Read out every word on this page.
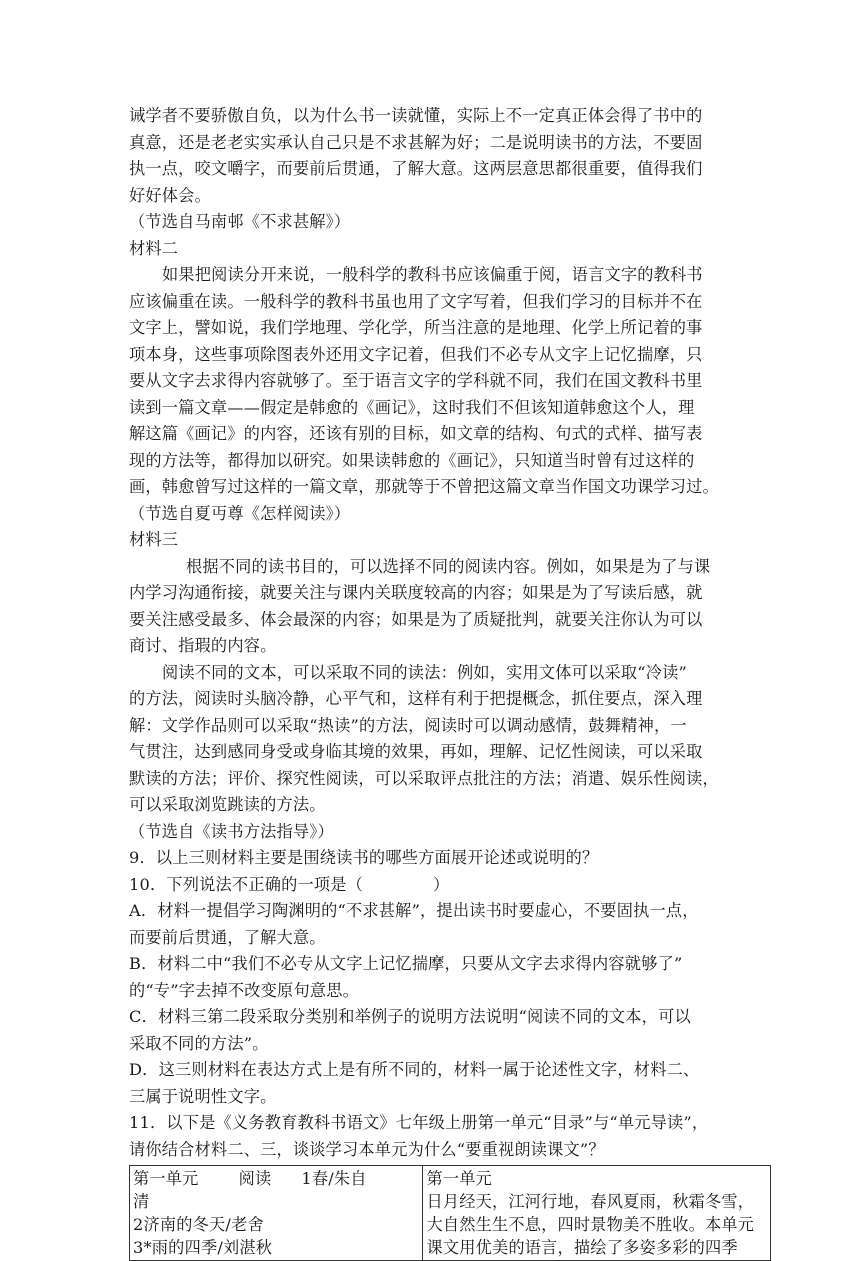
诫学者不要骄傲自负，以为什么书一读就懂，实际上不一定真正体会得了书中的
真意，还是老老实实承认自己只是不求甚解为好；二是说明读书的方法，不要固
执一点，咬文嚼字，而要前后贯通，了解大意。这两层意思都很重要，值得我们
好好体会。
（节选自马南邨《不求甚解》）
材料二
如果把阅读分开来说，一般科学的教科书应该偏重于阅，语言文字的教科书
应该偏重在读。一般科学的教科书虽也用了文字写着，但我们学习的目标并不在
文字上，譬如说，我们学地理、学化学，所当注意的是地理、化学上所记着的事
项本身，这些事项除图表外还用文字记着，但我们不必专从文字上记忆揣摩，只
要从文字去求得内容就够了。至于语言文字的学科就不同，我们在国文教科书里
读到一篇文章——假定是韩愈的《画记》，这时我们不但该知道韩愈这个人，理
解这篇《画记》的内容，还该有别的目标，如文章的结构、句式的式样、描写表
现的方法等，都得加以研究。如果读韩愈的《画记》，只知道当时曾有过这样的
画，韩愈曾写过这样的一篇文章，那就等于不曾把这篇文章当作国文功课学习过。
（节选自夏丏尊《怎样阅读》）
材料三
根据不同的读书目的，可以选择不同的阅读内容。例如，如果是为了与课
内学习沟通衔接，就要关注与课内关联度较高的内容；如果是为了写读后感，就
要关注感受最多、体会最深的内容；如果是为了质疑批判，就要关注你认为可以
商讨、指瑕的内容。
阅读不同的文本，可以采取不同的读法：例如，实用文体可以采取“冷读”
的方法，阅读时头脑冷静，心平气和，这样有利于把提概念，抓住要点，深入理
解：文学作品则可以采取“热读”的方法，阅读时可以调动感情，鼓舞精神，一
气贯注，达到感同身受或身临其境的效果，再如，理解、记忆性阅读，可以采取
默读的方法；评价、探究性阅读，可以采取评点批注的方法；消遣、娱乐性阅读，
可以采取浏览跳读的方法。
（节选自《读书方法指导》）
9．以上三则材料主要是围绕读书的哪些方面展开论述或说明的？
10．下列说法不正确的一项是（	）
A．材料一提倡学习陶渊明的“不求甚解”，提出读书时要虚心，不要固执一点，
而要前后贯通，了解大意。
B．材料二中“我们不必专从文字上记忆揣摩，只要从文字去求得内容就够了”
的“专”字去掉不改变原句意思。
C．材料三第二段采取分类别和举例子的说明方法说明“阅读不同的文本，可以
采取不同的方法”。
D．这三则材料在表达方式上是有所不同的，材料一属于论述性文字，材料二、
三属于说明性文字。
11．以下是《义务教育教科书语文》七年级上册第一单元“目录”与“单元导读”，
请你结合材料二、三，谈谈学习本单元为什么“要重视朗读课文”？
第一单元 阅读 1春/朱自
清
2济南的冬天/老舍
3*雨的四季/刘湛秋

第一单元
日月经天，江河行地，春风夏雨，秋霜冬雪，
大自然生生不息，四时景物美不胜收。本单元
课文用优美的语言，描绘了多姿多彩的四季
